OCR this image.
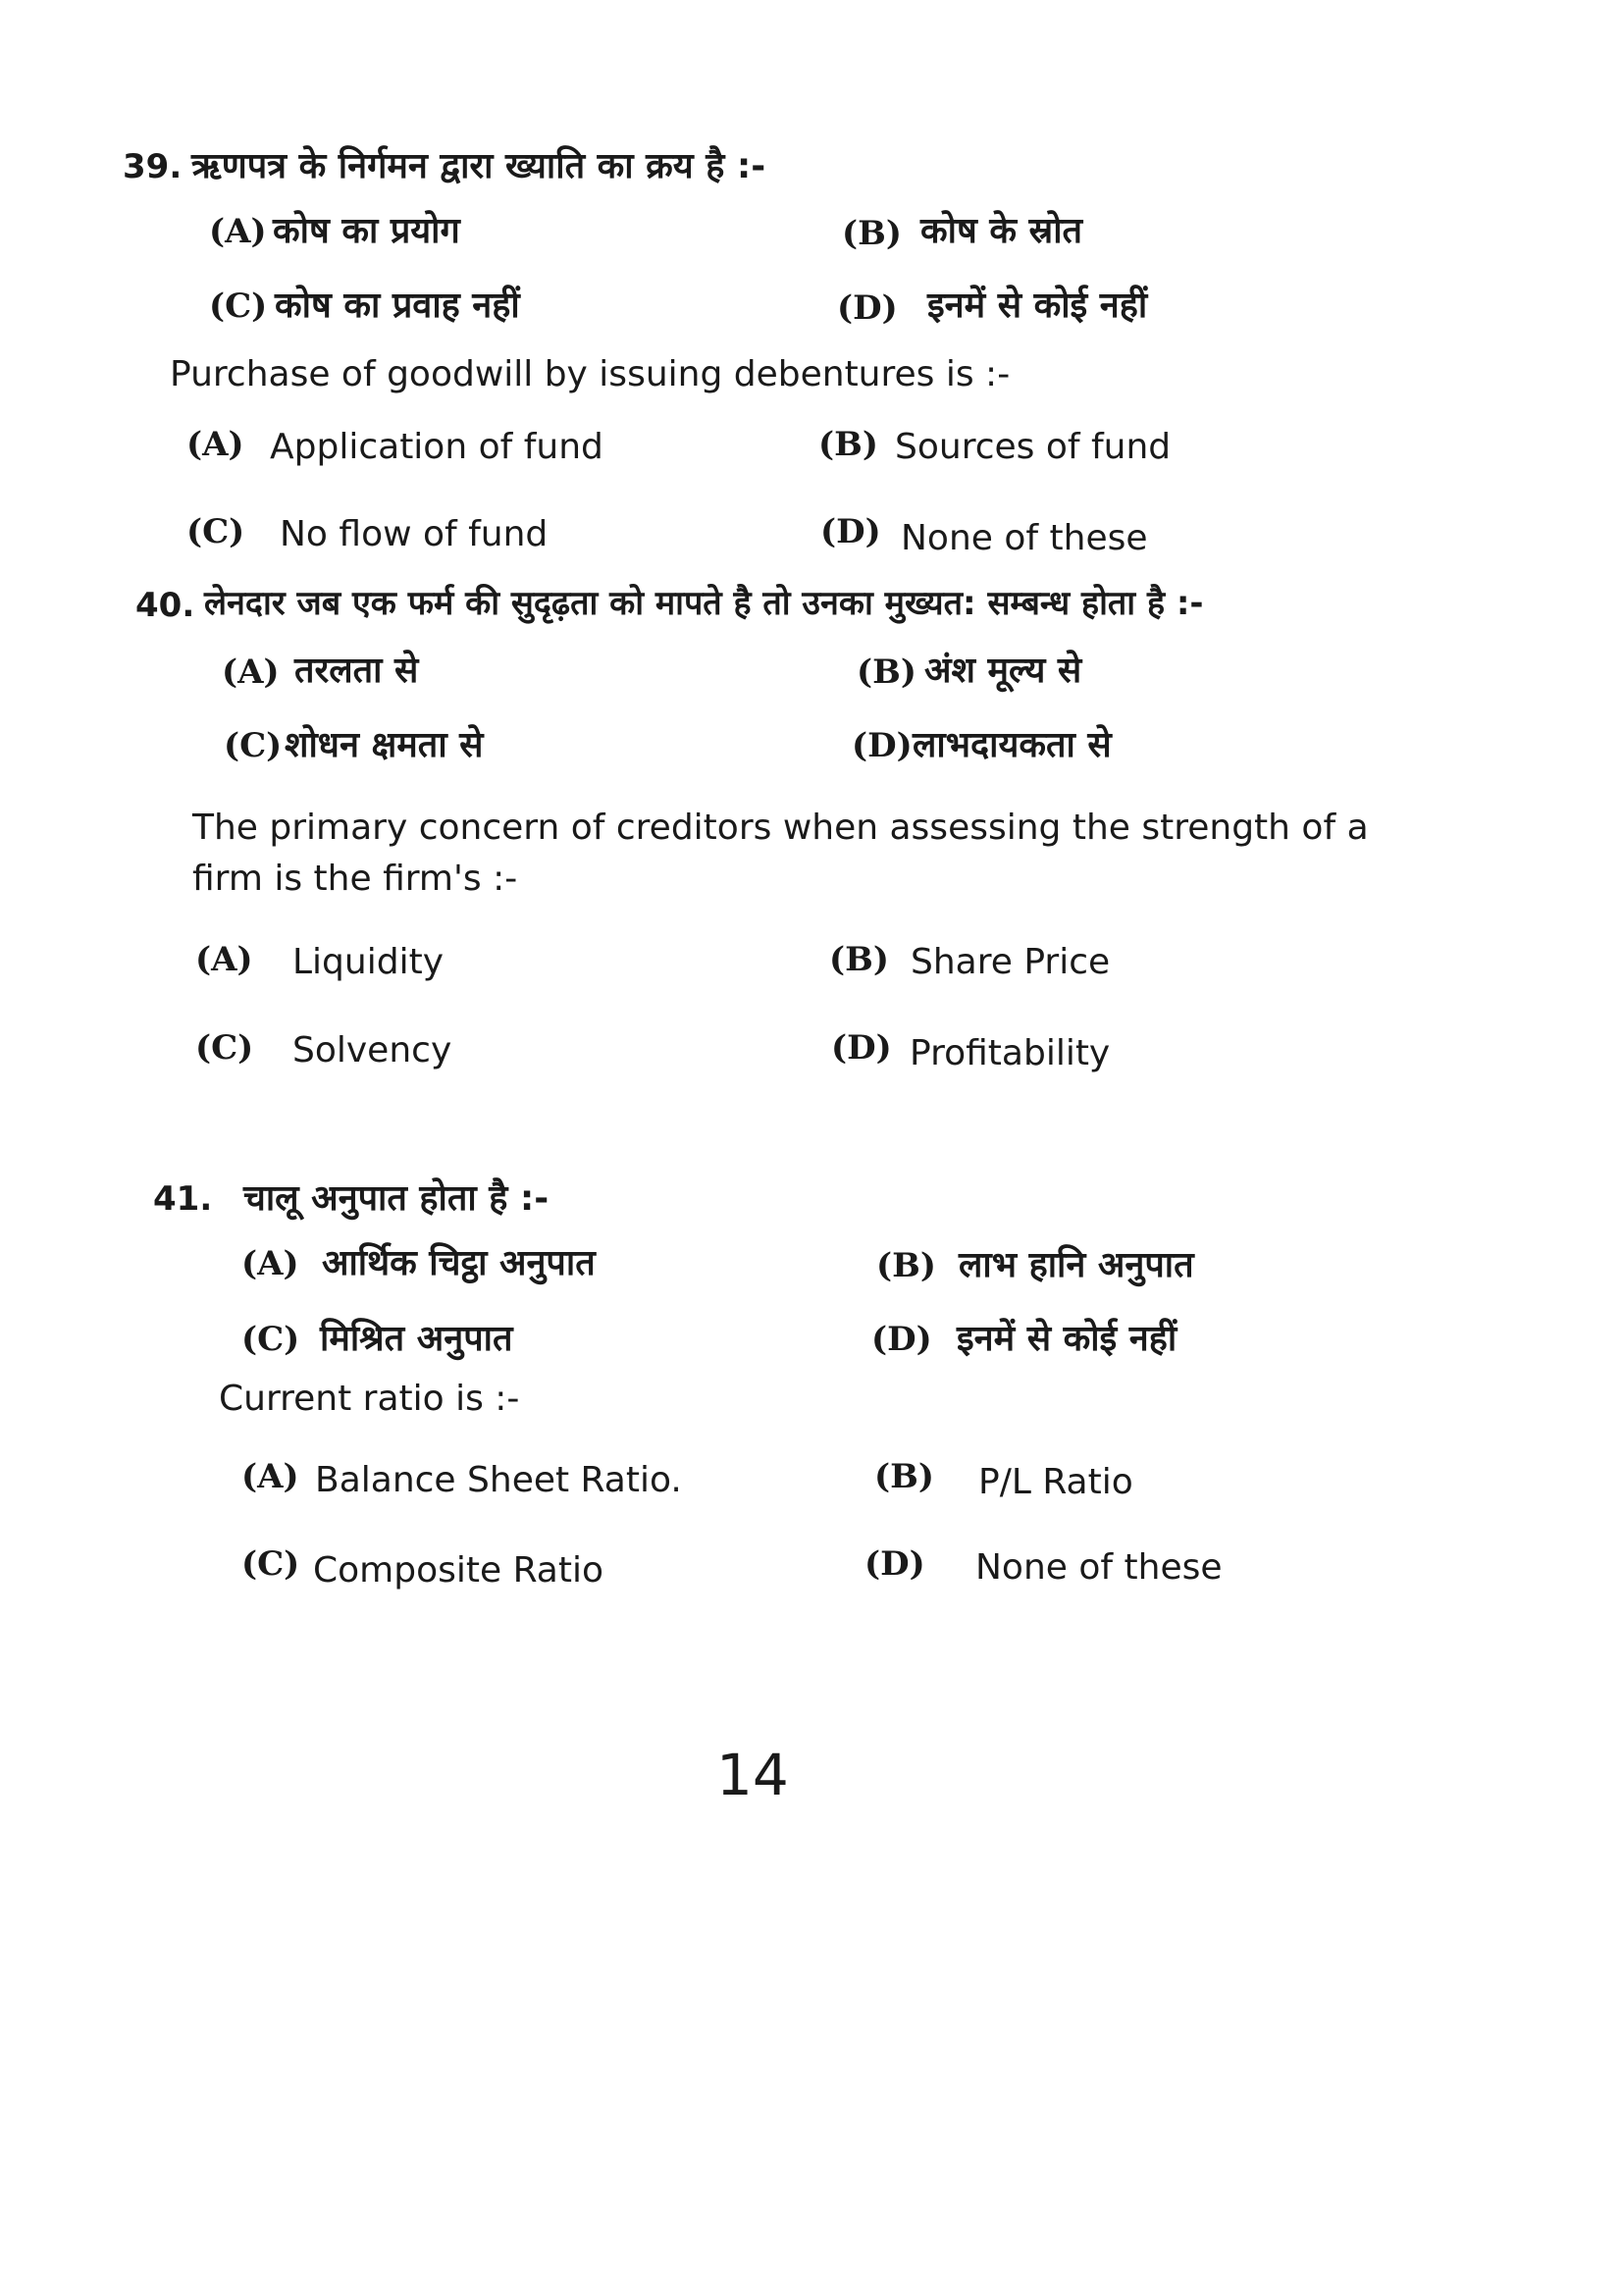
39. ऋणपत्र के निर्गमन द्वारा ख्याति का क्रय है :-
(A) कोष का प्रयोग	(B) कोष के स्रोत
(C) कोष का प्रवाह नहीं	(D) इनमें से कोई नहीं
Purchase of goodwill by issuing debentures is :-
(A) Application of fund	(B) Sources of fund
(C) No flow of fund	(D) None of these
40. लेनदार जब एक फर्म की सुदृढ़ता को मापते है तो उनका मुख्यत: सम्बन्ध होता है :-
(A) तरलता से	(B) अंश मूल्य से
(C) शोधन क्षमता से	(D) लाभदायकता से
The primary concern of creditors when assessing the strength of a firm is the firm's :-
(A) Liquidity	(B) Share Price
(C) Solvency	(D) Profitability
41. चालू अनुपात होता है :-
(A) आर्थिक चिट्ठा अनुपात	(B) लाभ हानि अनुपात
(C) मिश्रित अनुपात	(D) इनमें से कोई नहीं
Current ratio is :-
(A) Balance Sheet Ratio.	(B) P/L Ratio
(C) Composite Ratio	(D) None of these
14
